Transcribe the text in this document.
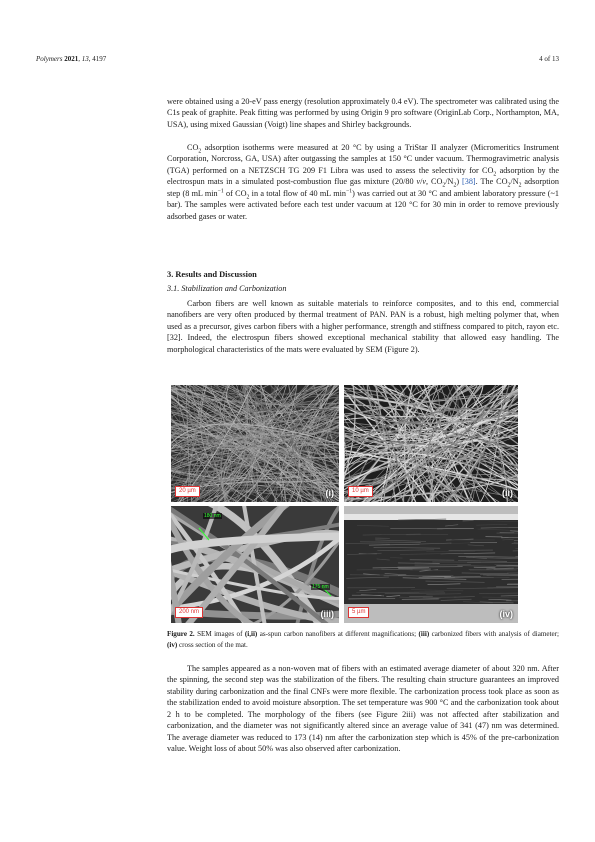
Polymers 2021, 13, 4197	4 of 13

were obtained using a 20-eV pass energy (resolution approximately 0.4 eV). The spectrometer was calibrated using the C1s peak of graphite. Peak fitting was performed by using Origin 9 pro software (OriginLab Corp., Northampton, MA, USA), using mixed Gaussian (Voigt) line shapes and Shirley backgrounds.

$CO_2$ adsorption isotherms were measured at 20 °C by using a TriStar II analyzer (Micromeritics Instrument Corporation, Norcross, GA, USA) after outgassing the samples at 150 °C under vacuum. Thermogravimetric analysis (TGA) performed on a NETZSCH TG 209 F1 Libra was used to assess the selectivity for $CO_2$ adsorption by the electrospun mats in a simulated post-combustion flue gas mixture (20/80 v/v, $CO_2/N_2$) [38]. The $CO_2/N_2$ adsorption step (8 mL $\min^{-1}$ of $CO_2$ in a total flow of 40 mL $\min^{-1}$) was carried out at 30 °C and ambient laboratory pressure (~1 bar). The samples were activated before each test under vacuum at 120 °C for 30 min in order to remove previously adsorbed gases or water.

3. Results and Discussion
3.1. Stabilization and Carbonization

Carbon fibers are well known as suitable materials to reinforce composites, and to this end, commercial nanofibers are very often produced by thermal treatment of PAN. PAN is a robust, high melting polymer that, when used as a precursor, gives carbon fibers with a higher performance, strength and stiffness compared to pitch, rayon etc. [32]. Indeed, the electrospun fibers showed exceptional mechanical stability that allowed easy handling. The morphological characteristics of the mats were evaluated by SEM (Figure 2).

20 µm	(i)	10 µm	(ii)
180 nm
175 nm
200 nm	(iii)	5 µm	(iv)

Figure 2. SEM images of (i,ii) as-spun carbon nanofibers at different magnifications; (iii) carbonized fibers with analysis of diameter; (iv) cross section of the mat.

The samples appeared as a non-woven mat of fibers with an estimated average diameter of about 320 nm. After the spinning, the second step was the stabilization of the fibers. The resulting chain structure guarantees an improved stability during carbonization and the final CNFs were more flexible. The carbonization process took place as soon as the stabilization ended to avoid moisture absorption. The set temperature was 900 °C and the carbonization took about 2 h to be completed. The morphology of the fibers (see Figure 2iii) was not affected after stabilization and carbonization, and the diameter was not significantly altered since an average value of 341 (47) nm was determined. The average diameter was reduced to 173 (14) nm after the carbonization step which is 45% of the pre-carbonization value. Weight loss of about 50% was also observed after carbonization.
